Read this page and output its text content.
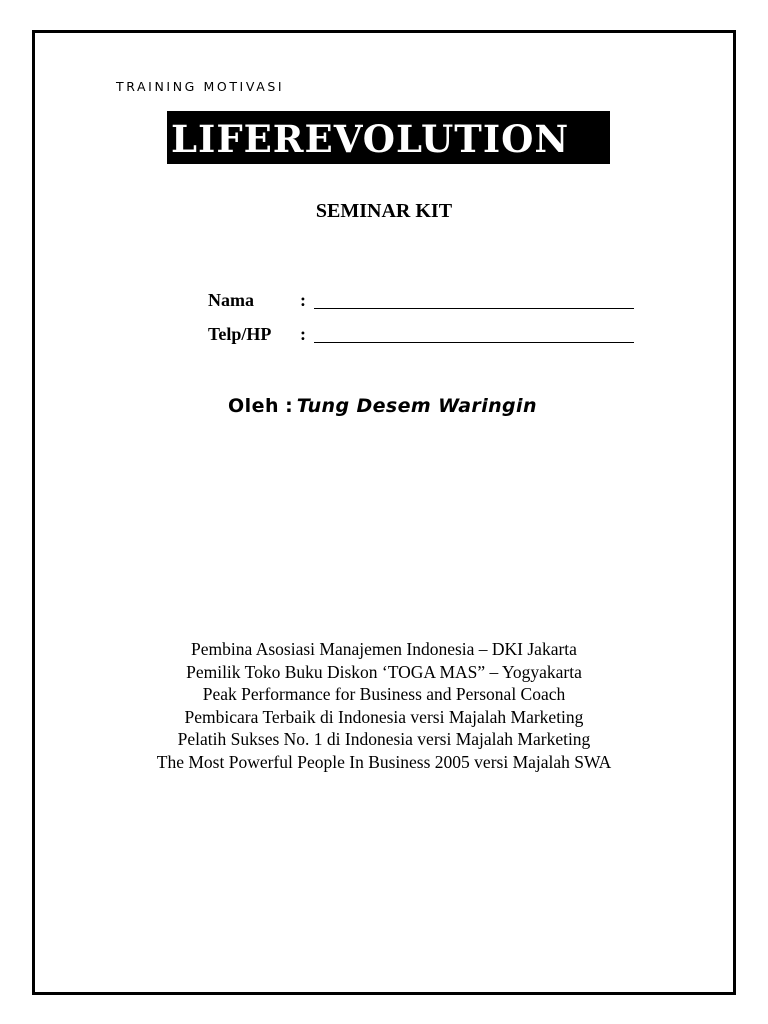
TRAINING MOTIVASI
LIFEREVOLUTION
SEMINAR KIT
Nama	:
Telp/HP :
Oleh : Tung Desem Waringin
Pembina Asosiasi Manajemen Indonesia – DKI Jakarta
Pemilik Toko Buku Diskon ‘TOGA MAS” – Yogyakarta
Peak Performance for Business and Personal Coach
Pembicara Terbaik di Indonesia versi Majalah Marketing
Pelatih Sukses No. 1 di Indonesia versi Majalah Marketing
The Most Powerful People In Business 2005 versi Majalah SWA
